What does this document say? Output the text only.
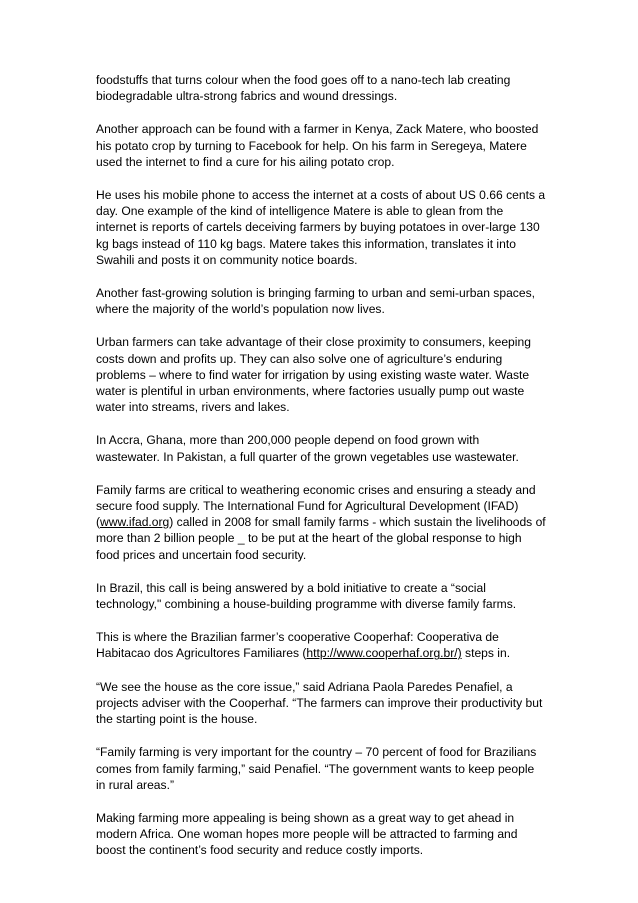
foodstuffs that turns colour when the food goes off to a nano-tech lab creating biodegradable ultra-strong fabrics and wound dressings.

Another approach can be found with a farmer in Kenya, Zack Matere, who boosted his potato crop by turning to Facebook for help. On his farm in Seregeya, Matere used the internet to find a cure for his ailing potato crop.

He uses his mobile phone to access the internet at a costs of about US 0.66 cents a day. One example of the kind of intelligence Matere is able to glean from the internet is reports of cartels deceiving farmers by buying potatoes in over-large 130 kg bags instead of 110 kg bags. Matere takes this information, translates it into Swahili and posts it on community notice boards.

Another fast-growing solution is bringing farming to urban and semi-urban spaces, where the majority of the world’s population now lives.

Urban farmers can take advantage of their close proximity to consumers, keeping costs down and profits up. They can also solve one of agriculture’s enduring problems – where to find water for irrigation by using existing waste water. Waste water is plentiful in urban environments, where factories usually pump out waste water into streams, rivers and lakes.

In Accra, Ghana, more than 200,000 people depend on food grown with wastewater. In Pakistan, a full quarter of the grown vegetables use wastewater.

Family farms are critical to weathering economic crises and ensuring a steady and secure food supply. The International Fund for Agricultural Development (IFAD) (www.ifad.org) called in 2008 for small family farms - which sustain the livelihoods of more than 2 billion people _ to be put at the heart of the global response to high food prices and uncertain food security.

In Brazil, this call is being answered by a bold initiative to create a “social technology," combining a house-building programme with diverse family farms.

This is where the Brazilian farmer’s cooperative Cooperhaf: Cooperativa de Habitacao dos Agricultores Familiares (http://www.cooperhaf.org.br/) steps in.

“We see the house as the core issue,” said Adriana Paola Paredes Penafiel, a projects adviser with the Cooperhaf. “The farmers can improve their productivity but the starting point is the house.

“Family farming is very important for the country – 70 percent of food for Brazilians comes from family farming,” said Penafiel. “The government wants to keep people in rural areas.”

Making farming more appealing is being shown as a great way to get ahead in modern Africa. One woman hopes more people will be attracted to farming and boost the continent’s food security and reduce costly imports.
